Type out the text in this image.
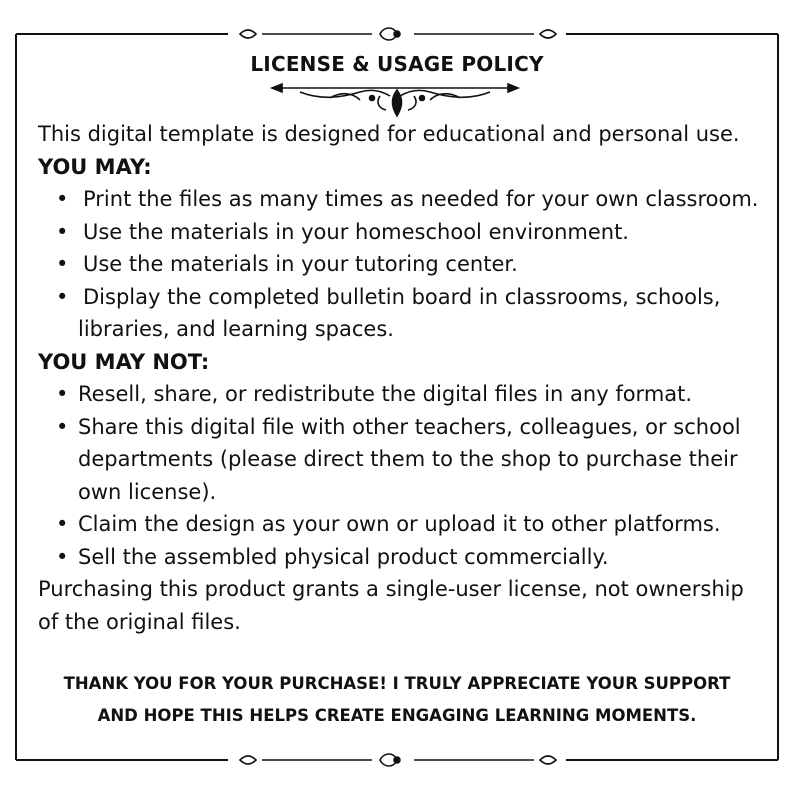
LICENSE & USAGE POLICY

This digital template is designed for educational and personal use.

YOU MAY:

• Print the files as many times as needed for your own classroom.
• Use the materials in your homeschool environment.
• Use the materials in your tutoring center.
• Display the completed bulletin board in classrooms, schools, libraries, and learning spaces.

YOU MAY NOT:

• Resell, share, or redistribute the digital files in any format.
• Share this digital file with other teachers, colleagues, or school departments (please direct them to the shop to purchase their own license).
• Claim the design as your own or upload it to other platforms.
• Sell the assembled physical product commercially.

Purchasing this product grants a single-user license, not ownership of the original files.

THANK YOU FOR YOUR PURCHASE! I TRULY APPRECIATE YOUR SUPPORT
AND HOPE THIS HELPS CREATE ENGAGING LEARNING MOMENTS.
